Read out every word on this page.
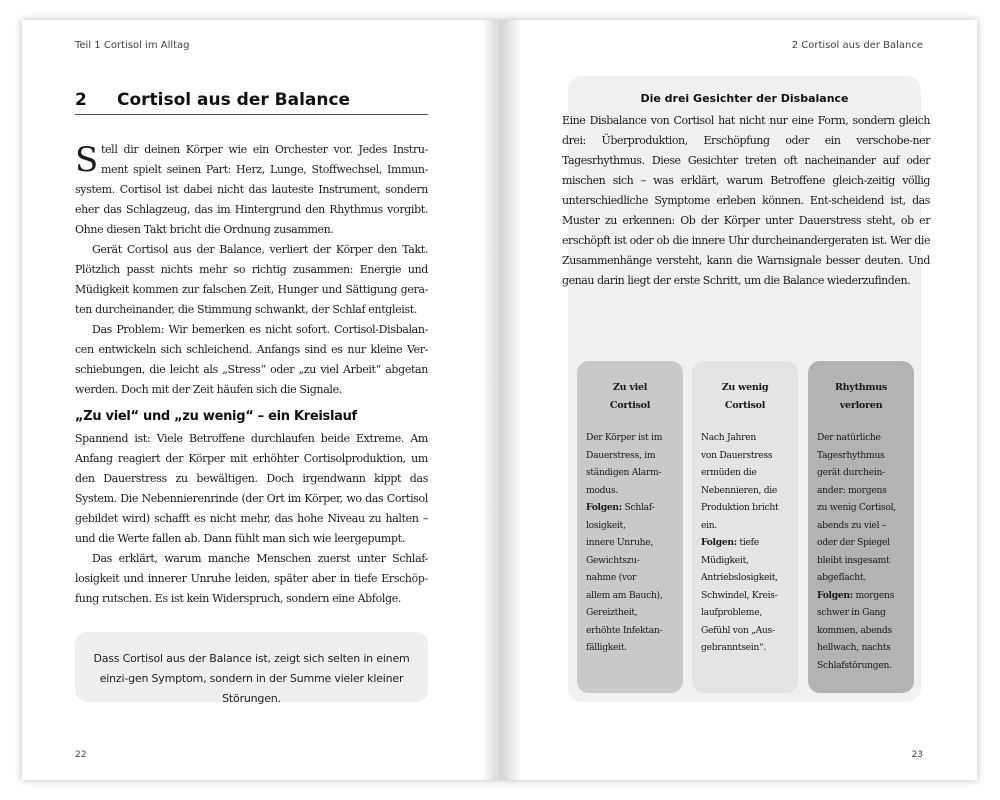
Teil 1 Cortisol im Alltag
2 Cortisol aus der Balance

Stell dir deinen Körper wie ein Orchester vor. Jedes Instru-ment spielt seinen Part: Herz, Lunge, Stoffwechsel, Immun-system. Cortisol ist dabei nicht das lauteste Instrument, sondern eher das Schlagzeug, das im Hintergrund den Rhythmus vorgibt. Ohne diesen Takt bricht die Ordnung zusammen.

Gerät Cortisol aus der Balance, verliert der Körper den Takt. Plötzlich passt nichts mehr so richtig zusammen: Energie und Müdigkeit kommen zur falschen Zeit, Hunger und Sättigung gera-ten durcheinander, die Stimmung schwankt, der Schlaf entgleist.

Das Problem: Wir bemerken es nicht sofort. Cortisol-Disbalan-cen entwickeln sich schleichend. Anfangs sind es nur kleine Ver-schiebungen, die leicht als „Stress“ oder „zu viel Arbeit“ abgetan werden. Doch mit der Zeit häufen sich die Signale.

„Zu viel“ und „zu wenig“ – ein Kreislauf

Spannend ist: Viele Betroffene durchlaufen beide Extreme. Am Anfang reagiert der Körper mit erhöhter Cortisolproduktion, um den Dauerstress zu bewältigen. Doch irgendwann kippt das System. Die Nebennierenrinde (der Ort im Körper, wo das Cortisol gebildet wird) schafft es nicht mehr, das hohe Niveau zu halten – und die Werte fallen ab. Dann fühlt man sich wie leergepumpt.

Das erklärt, warum manche Menschen zuerst unter Schlaf-losigkeit und innerer Unruhe leiden, später aber in tiefe Erschöp-fung rutschen. Es ist kein Widerspruch, sondern eine Abfolge.

Dass Cortisol aus der Balance ist, zeigt sich selten in einem einzi-gen Symptom, sondern in der Summe vieler kleiner Störungen.
22
2 Cortisol aus der Balance
Die drei Gesichter der Disbalance
Eine Disbalance von Cortisol hat nicht nur eine Form, sondern gleich drei: Überproduktion, Erschöpfung oder ein verschobe-ner Tagesrhythmus. Diese Gesichter treten oft nacheinander auf oder mischen sich – was erklärt, warum Betroffene gleich-zeitig völlig unterschiedliche Symptome erleben können. Ent-scheidend ist, das Muster zu erkennen: Ob der Körper unter Dauerstress steht, ob er erschöpft ist oder ob die innere Uhr durcheinandergeraten ist. Wer die Zusammenhänge versteht, kann die Warnsignale besser deuten. Und genau darin liegt der erste Schritt, um die Balance wiederzufinden.
Zu viel
Cortisol
Der Körper ist im
Dauerstress, im
ständigen Alarm-
modus.
Folgen: Schlaf-
losigkeit,
innere Unruhe,
Gewichtszu-
nahme (vor
allem am Bauch),
Gereiztheit,
erhöhte Infektan-
fälligkeit.
Zu wenig
Cortisol
Nach Jahren
von Dauerstress
ermüden die
Nebennieren, die
Produktion bricht
ein.
Folgen: tiefe
Müdigkeit,
Antriebslosigkeit,
Schwindel, Kreis-
laufprobleme,
Gefühl von „Aus-
gebranntsein“.
Rhythmus
verloren
Der natürliche
Tagesrhythmus
gerät durchein-
ander: morgens
zu wenig Cortisol,
abends zu viel –
oder der Spiegel
bleibt insgesamt
abgeflacht.
Folgen: morgens
schwer in Gang
kommen, abends
hellwach, nachts
Schlafstörungen.
23
